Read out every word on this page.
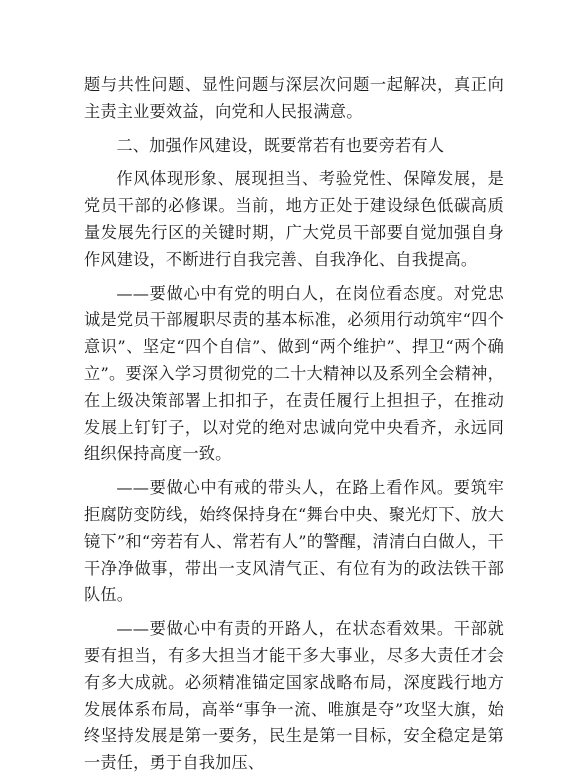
题与共性问题、显性问题与深层次问题一起解决，真正向主责主业要效益，向党和人民报满意。

二、加强作风建设，既要常若有也要旁若有人

作风体现形象、展现担当、考验党性、保障发展，是党员干部的必修课。当前，地方正处于建设绿色低碳高质量发展先行区的关键时期，广大党员干部要自觉加强自身作风建设，不断进行自我完善、自我净化、自我提高。

——要做心中有党的明白人，在岗位看态度。对党忠诚是党员干部履职尽责的基本标准，必须用行动筑牢“四个意识”、坚定“四个自信”、做到“两个维护”、捍卫“两个确立”。要深入学习贯彻党的二十大精神以及系列全会精神，在上级决策部署上扣扣子，在责任履行上担担子，在推动发展上钉钉子，以对党的绝对忠诚向党中央看齐，永远同组织保持高度一致。

——要做心中有戒的带头人，在路上看作风。要筑牢拒腐防变防线，始终保持身在“舞台中央、聚光灯下、放大镜下”和“旁若有人、常若有人”的警醒，清清白白做人，干干净净做事，带出一支风清气正、有位有为的政法铁干部队伍。

——要做心中有责的开路人，在状态看效果。干部就要有担当，有多大担当才能干多大事业，尽多大责任才会有多大成就。必须精准锚定国家战略布局，深度践行地方发展体系布局，高举“事争一流、唯旗是夺”攻坚大旗，始终坚持发展是第一要务，民生是第一目标，安全稳定是第一责任，勇于自我加压、
